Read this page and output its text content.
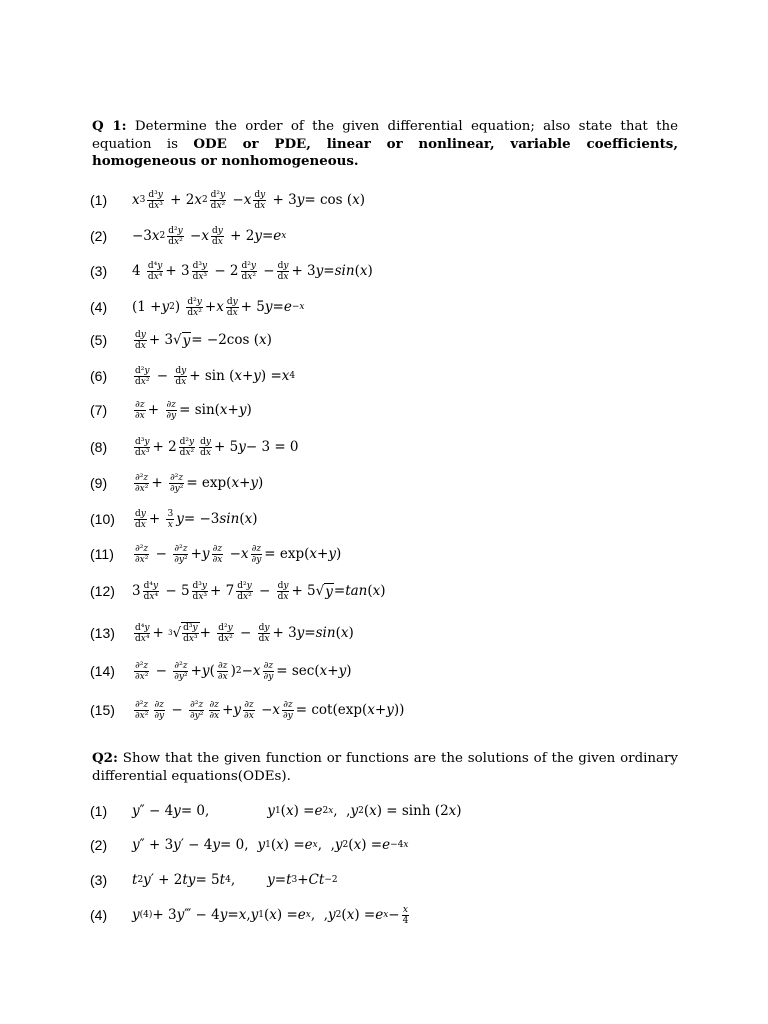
Q 1: Determine the order of the given differential equation; also state that the equation is ODE or PDE, linear or nonlinear, variable coefficients, homogeneous or nonhomogeneous.
(1)	x $3 \frac{\text{d³y}}{\text{dx³}} + 2$ x $2 \frac{\text{d²y}}{\text{dx²}} - x \frac{dy}{dx} + 3$ y = cos ( x )
(2)	−3 x $2 \frac{\text{d²y}}{\text{dx²}} - x \frac{dy}{dx} + 2$ y = e x
(3)	$4 \frac{\text{d⁴y}}{\text{dx⁴}} + 3 \frac{\text{d³y}}{\text{dx³}} - 2 \frac{\text{d²y}}{\text{dx²}} - \frac{dy}{dx} + 3$ y = sin ( x )
(4)	(1 + y 2 ) $\frac{\text{d²y}}{\text{dx²}} + x \frac{dy}{dx} + 5$ y = e −x
(5)	$\frac{dy}{dx} + 3√$ y = −2cos ( x )
(6)	$\frac{\text{d²y}}{\text{dx²}} - \frac{dy}{dx} + \sin$ ( x + y ) = x 4
(7)	$\frac{\partial z}{\partial x} + \frac{\partial z}{\partial y} = \sin$( x + y )
(8)	$\frac{\text{d³y}}{\text{dx³}} + 2 \frac{\text{d²y}}{\text{dx²}} \frac{dy}{dx} + 5$ y − 3 = 0
(9)	$\frac{\text{∂²z}}{\text{∂x²}} + \frac{\text{∂²z}}{\text{∂y²}} = \exp$( x + y )
(10)	$\frac{dy}{dx} + \frac{3}{x}$ y = −3 sin ( x )
(11)	$\frac{\text{∂²z}}{\text{∂x²}} - \frac{\text{∂²z}}{\text{∂y²}} + y \frac{\partial z}{\partial x} - x \frac{\partial z}{\partial y} = \exp$( x + y )
(12)	$3 \frac{\text{d⁴y}}{\text{dx⁴}} - 5 \frac{\text{d³y}}{\text{dx³}} + 7 \frac{\text{d²y}}{\text{dx²}} - \frac{dy}{dx} + 5√$ y = tan ( x )
(13)	$\frac{\text{d⁴y}}{\text{dx⁴}} + 3$ √ $\frac{\text{d³y}}{\text{dx³}} + \frac{\text{d²y}}{\text{dx²}} - \frac{dy}{dx} + 3$ y = sin ( x )
(14)	$\frac{\text{∂²z}}{\text{∂x²}} - \frac{\text{∂²z}}{\text{∂y²}} + y$ ( $\frac{\partial z}{\partial x}$ ) 2 − x $\frac{\partial z}{\partial y} = \sec$( x + y )
(15)	$\frac{\text{∂²z}}{\text{∂x²}} \frac{\partial z}{\partial y} - \frac{\text{∂²z}}{\text{∂y²}} \frac{\partial z}{\partial x} + y \frac{\partial z}{\partial x} - x \frac{\partial z}{\partial y} = \cot(\exp$( x + y ))
Q2: Show that the given function or functions are the solutions of the given ordinary differential equations(ODEs).
(1)	y ″ − 4 y = 0,	y 1 ( x ) = e 2x ,  , y 2 ( x ) = sinh (2 x )
(2)	y ″ + 3 y ′ − 4 y = 0, y 1 ( x ) = e x ,  , y 2 ( x ) = e −4x
(3)	t 2 y ′ + 2 ty = 5 t 4 , y = t 3 + Ct −2
(4)	y (4) + 3 y ‴ − 4 y = x , y 1 ( x ) = e x ,  , y 2 ( x ) = e $x - \frac{x}{4}$
